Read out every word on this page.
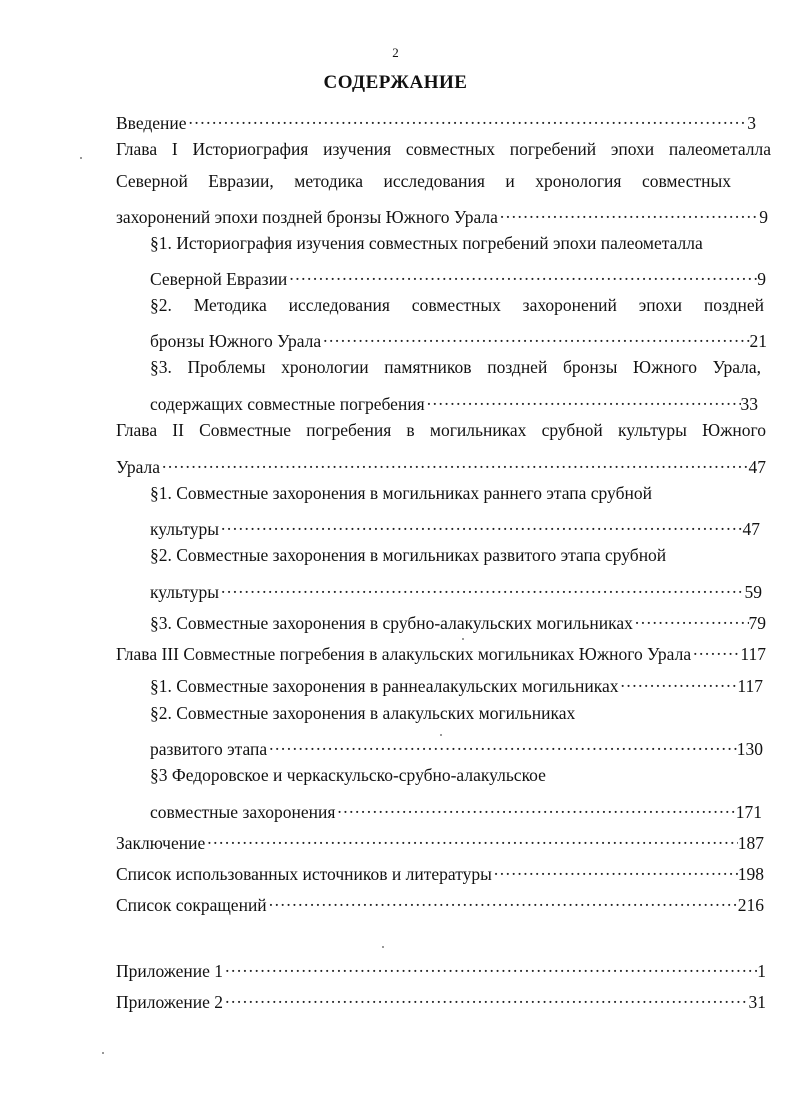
2
СОДЕРЖАНИЕ
Введение .....	3
Глава I Историография изучения совместных погребений эпохи палеометалла
Северной Евразии, методика исследования и хронология совместных
захоронений эпохи поздней бронзы Южного Урала .....	9
§1. Историография изучения совместных погребений эпохи палеометалла
Северной Евразии .....	9
§2. Методика исследования совместных захоронений эпохи поздней
бронзы Южного Урала .....	21
§3. Проблемы хронологии памятников поздней бронзы Южного Урала,
содержащих совместные погребения .....	33
Глава II Совместные погребения в могильниках срубной культуры Южного
Урала .....	47
§1. Совместные захоронения в могильниках раннего этапа срубной
культуры .....	47
§2. Совместные захоронения в могильниках развитого этапа срубной
культуры .....	59
§3. Совместные захоронения в срубно-алакульских могильниках .....	79
Глава III Совместные погребения в алакульских могильниках Южного Урала .....	117
§1. Совместные захоронения в раннеалакульских могильниках .....	117
§2. Совместные захоронения в алакульских могильниках
развитого этапа .....	130
§3 Федоровское и черкаскульско-срубно-алакульское
совместные захоронения .....	171
Заключение .....	187
Список использованных источников и литературы .....	198
Список сокращений .....	216
Приложение 1 .....	1
Приложение 2 .....	31
